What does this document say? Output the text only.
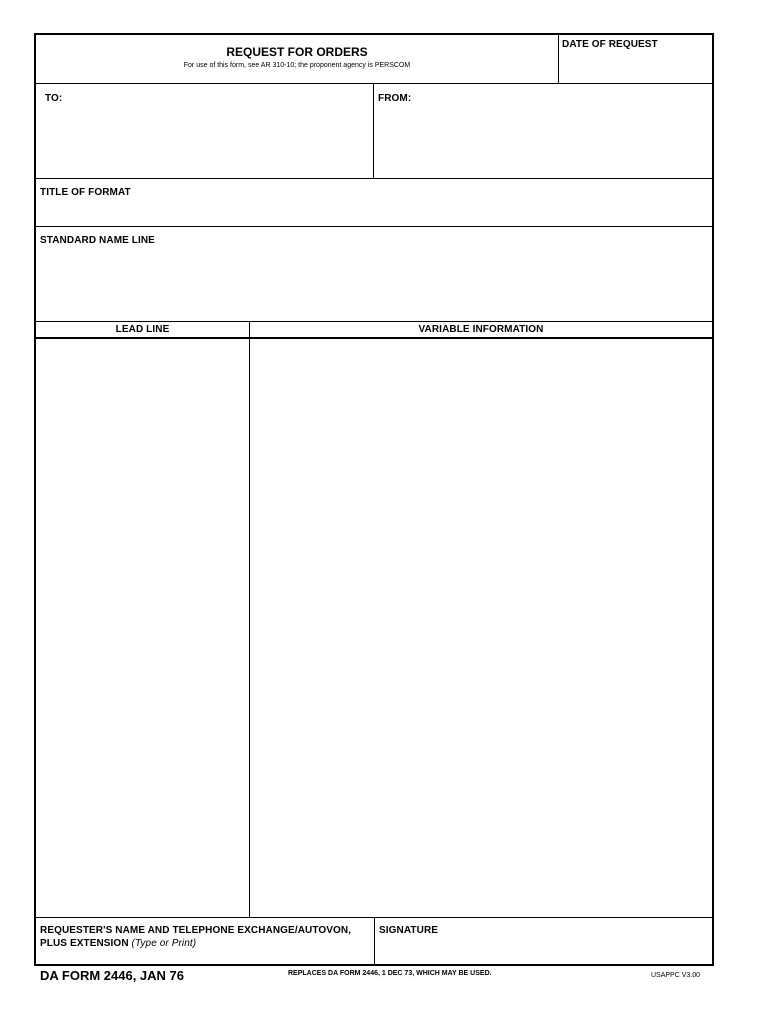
REQUEST FOR ORDERS
For use of this form, see AR 310-10; the proponent agency is PERSCOM
DATE OF REQUEST
TO:	FROM:
TITLE OF FORMAT
STANDARD NAME LINE
LEAD LINE	VARIABLE INFORMATION
REQUESTER'S NAME AND TELEPHONE EXCHANGE/AUTOVON,
PLUS EXTENSION (Type or Print)
SIGNATURE
DA FORM 2446, JAN 76	REPLACES DA FORM 2446, 1 DEC 73, WHICH MAY BE USED.	USAPPC V3.00
